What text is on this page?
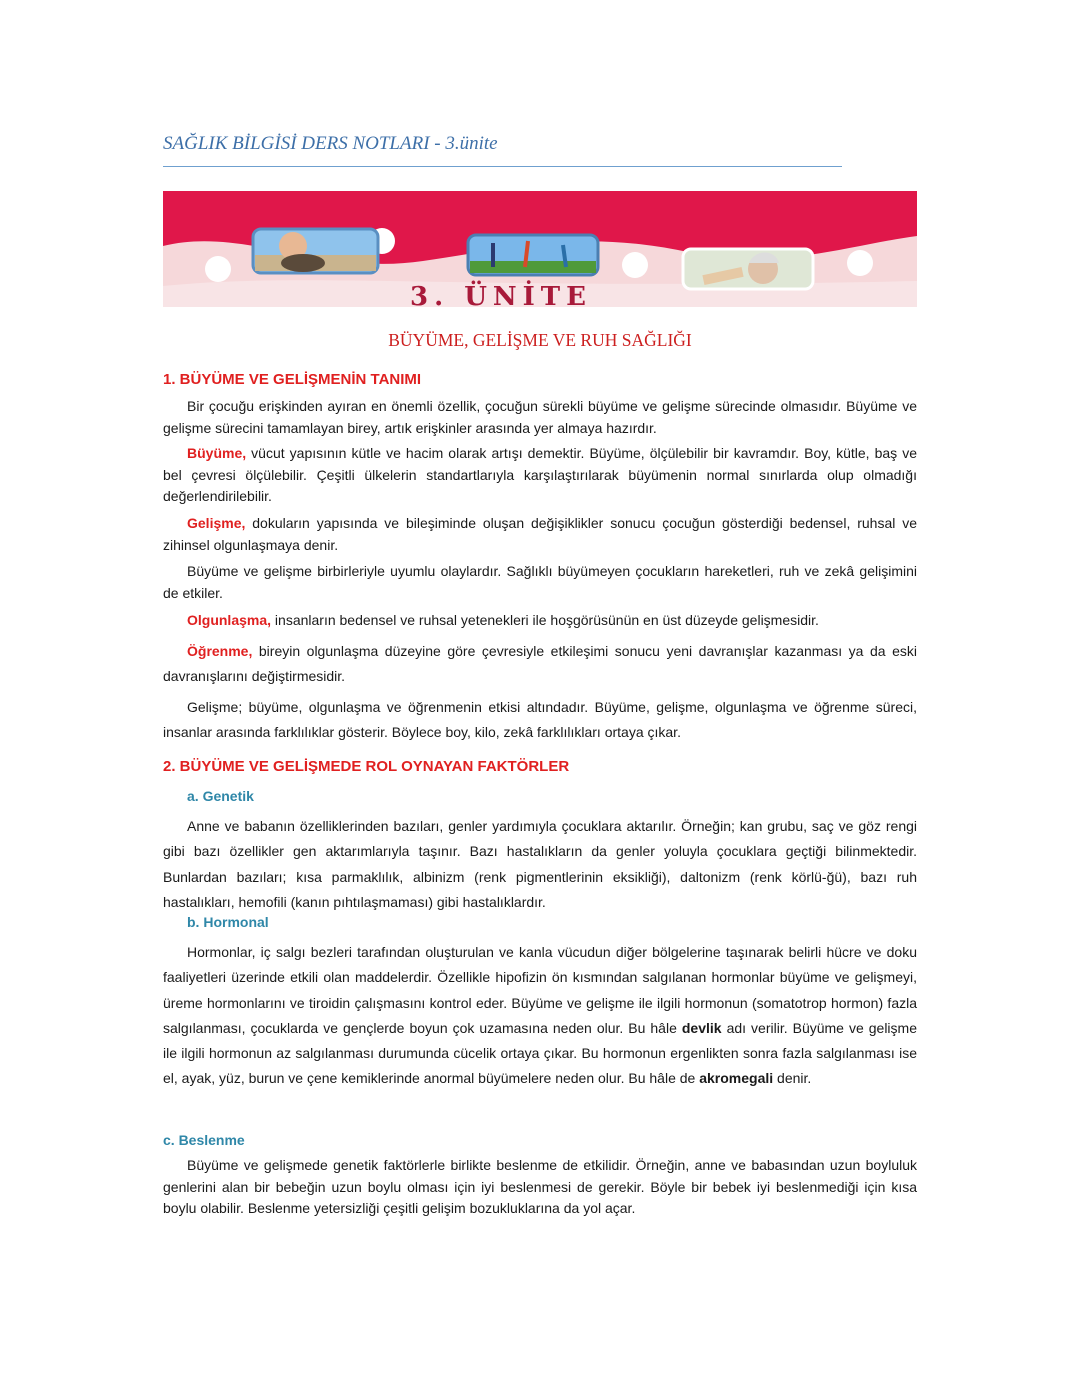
SAĞLIK BİLGİSİ DERS NOTLARI - 3.ünite
3. ÜNİTE
BÜYÜME, GELİŞME VE RUH SAĞLIĞI
1. BÜYÜME VE GELİŞMENİN TANIMI

Bir çocuğu erişkinden ayıran en önemli özellik, çocuğun sürekli büyüme ve gelişme sürecinde olmasıdır. Büyüme ve gelişme sürecini tamamlayan birey, artık erişkinler arasında yer almaya hazırdır.

Büyüme, vücut yapısının kütle ve hacim olarak artışı demektir. Büyüme, ölçülebilir bir kavramdır. Boy, kütle, baş ve bel çevresi ölçülebilir. Çeşitli ülkelerin standartlarıyla karşılaştırılarak büyümenin normal sınırlarda olup olmadığı değerlendirilebilir.

Gelişme, dokuların yapısında ve bileşiminde oluşan değişiklikler sonucu çocuğun gösterdiği bedensel, ruhsal ve zihinsel olgunlaşmaya denir.

Büyüme ve gelişme birbirleriyle uyumlu olaylardır. Sağlıklı büyümeyen çocukların hareketleri, ruh ve zekâ gelişimini de etkiler.

Olgunlaşma, insanların bedensel ve ruhsal yetenekleri ile hoşgörüsünün en üst düzeyde gelişmesidir.

Öğrenme, bireyin olgunlaşma düzeyine göre çevresiyle etkileşimi sonucu yeni davranışlar kazanması ya da eski davranışlarını değiştirmesidir.

Gelişme; büyüme, olgunlaşma ve öğrenmenin etkisi altındadır. Büyüme, gelişme, olgunlaşma ve öğrenme süreci, insanlar arasında farklılıklar gösterir. Böylece boy, kilo, zekâ farklılıkları ortaya çıkar.

2. BÜYÜME VE GELİŞMEDE ROL OYNAYAN FAKTÖRLER
a. Genetik

Anne ve babanın özelliklerinden bazıları, genler yardımıyla çocuklara aktarılır. Örneğin; kan grubu, saç ve göz rengi gibi bazı özellikler gen aktarımlarıyla taşınır. Bazı hastalıkların da genler yoluyla çocuklara geçtiği bilinmektedir. Bunlardan bazıları; kısa parmaklılık, albinizm (renk pigmentlerinin eksikliği), daltonizm (renk körlü-ğü), bazı ruh hastalıkları, hemofili (kanın pıhtılaşmaması) gibi hastalıklardır.

b. Hormonal

Hormonlar, iç salgı bezleri tarafından oluşturulan ve kanla vücudun diğer bölgelerine taşınarak belirli hücre ve doku faaliyetleri üzerinde etkili olan maddelerdir. Özellikle hipofizin ön kısmından salgılanan hormonlar büyüme ve gelişmeyi, üreme hormonlarını ve tiroidin çalışmasını kontrol eder. Büyüme ve gelişme ile ilgili hormonun (somatotrop hormon) fazla salgılanması, çocuklarda ve gençlerde boyun çok uzamasına neden olur. Bu hâle devlik adı verilir. Büyüme ve gelişme ile ilgili hormonun az salgılanması durumunda cücelik ortaya çıkar. Bu hormonun ergenlikten sonra fazla salgılanması ise el, ayak, yüz, burun ve çene kemiklerinde anormal büyümelere neden olur. Bu hâle de akromegali denir.

c. Beslenme

Büyüme ve gelişmede genetik faktörlerle birlikte beslenme de etkilidir. Örneğin, anne ve babasından uzun boyluluk genlerini alan bir bebeğin uzun boylu olması için iyi beslenmesi de gerekir. Böyle bir bebek iyi beslenmediği için kısa boylu olabilir. Beslenme yetersizliği çeşitli gelişim bozukluklarına da yol açar.
